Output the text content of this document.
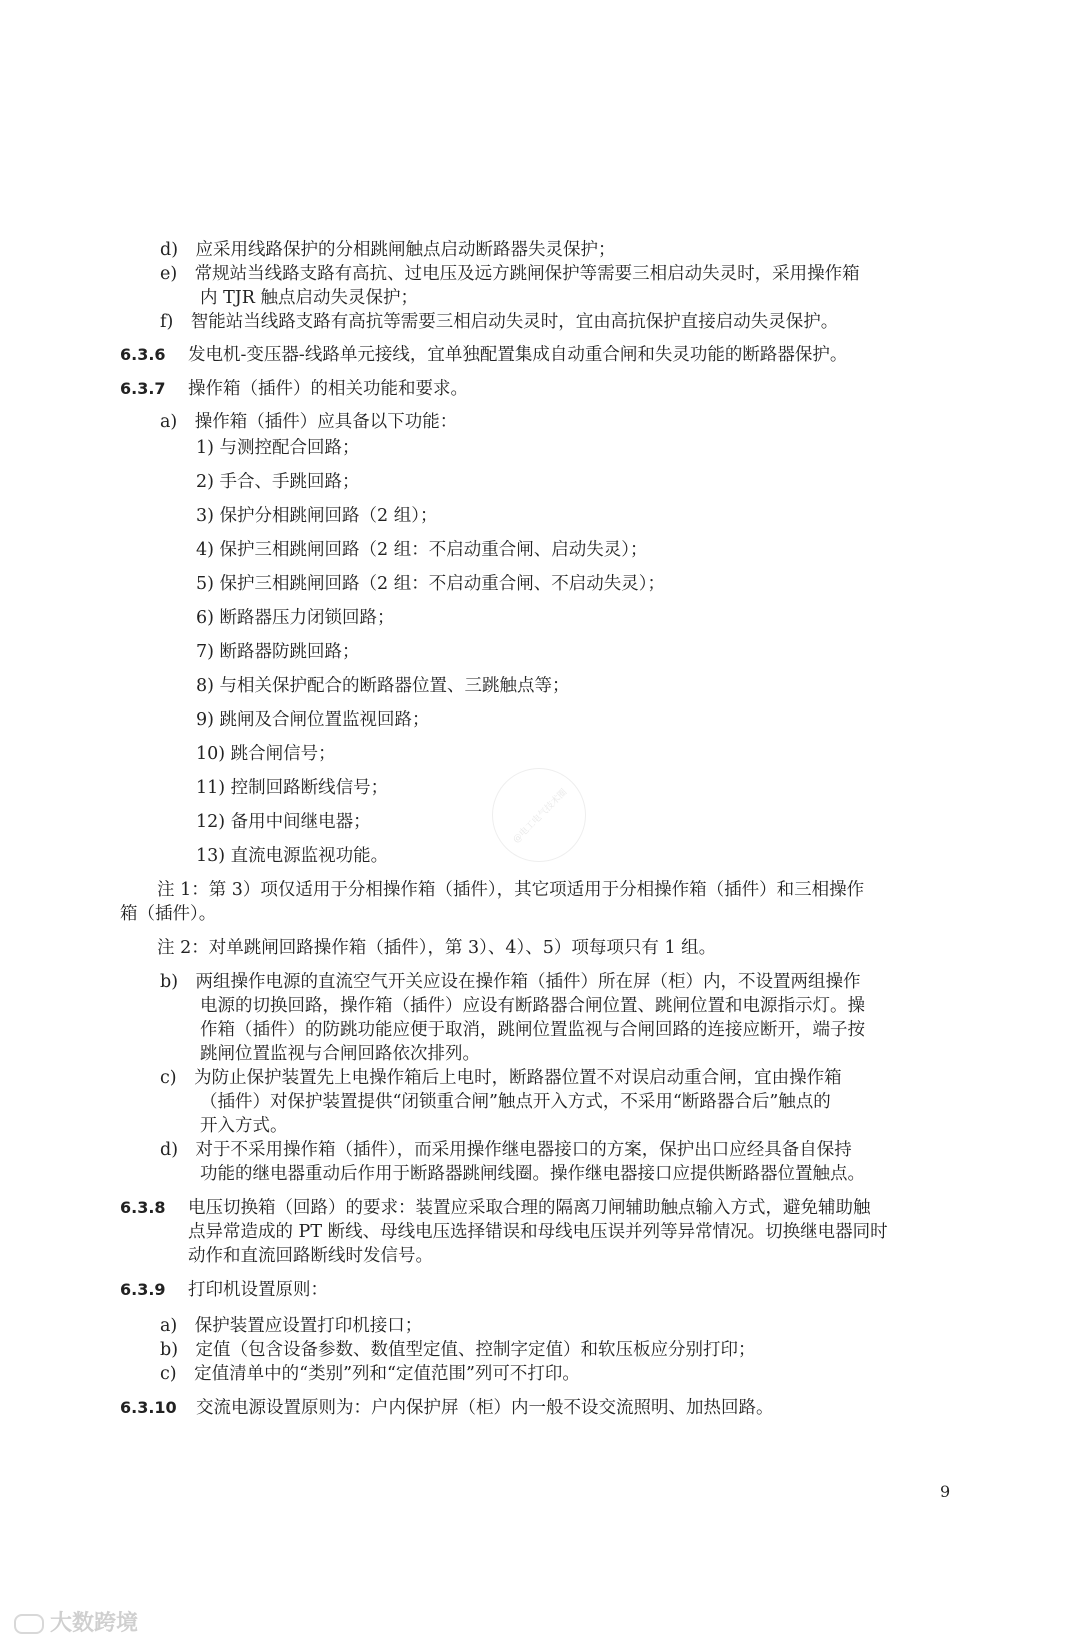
d)　应采用线路保护的分相跳闸触点启动断路器失灵保护；
e)　常规站当线路支路有高抗、过电压及远方跳闸保护等需要三相启动失灵时，采用操作箱
内 TJR 触点启动失灵保护；
f)　智能站当线路支路有高抗等需要三相启动失灵时，宜由高抗保护直接启动失灵保护。
6.3.6 发电机-变压器-线路单元接线，宜单独配置集成自动重合闸和失灵功能的断路器保护。
6.3.7 操作箱（插件）的相关功能和要求。
a)　操作箱（插件）应具备以下功能：
1) 与测控配合回路；
2) 手合、手跳回路；
3) 保护分相跳闸回路（2 组）；
4) 保护三相跳闸回路（2 组：不启动重合闸、启动失灵）；
5) 保护三相跳闸回路（2 组：不启动重合闸、不启动失灵）；
6) 断路器压力闭锁回路；
7) 断路器防跳回路；
8) 与相关保护配合的断路器位置、三跳触点等；
9) 跳闸及合闸位置监视回路；
10) 跳合闸信号；
11) 控制回路断线信号；
12) 备用中间继电器；
13) 直流电源监视功能。
注 1：第 3）项仅适用于分相操作箱（插件），其它项适用于分相操作箱（插件）和三相操作
箱（插件）。
注 2：对单跳闸回路操作箱（插件），第 3）、4）、5）项每项只有 1 组。
b)　两组操作电源的直流空气开关应设在操作箱（插件）所在屏（柜）内，不设置两组操作
电源的切换回路，操作箱（插件）应设有断路器合闸位置、跳闸位置和电源指示灯。操
作箱（插件）的防跳功能应便于取消，跳闸位置监视与合闸回路的连接应断开，端子按
跳闸位置监视与合闸回路依次排列。
c)　为防止保护装置先上电操作箱后上电时，断路器位置不对误启动重合闸，宜由操作箱
（插件）对保护装置提供“闭锁重合闸”触点开入方式，不采用“断路器合后”触点的
开入方式。
d)　对于不采用操作箱（插件），而采用操作继电器接口的方案，保护出口应经具备自保持
功能的继电器重动后作用于断路器跳闸线圈。操作继电器接口应提供断路器位置触点。
6.3.8 电压切换箱（回路）的要求：装置应采取合理的隔离刀闸辅助触点输入方式，避免辅助触
点异常造成的 PT 断线、母线电压选择错误和母线电压误并列等异常情况。切换继电器同时
动作和直流回路断线时发信号。
6.3.9 打印机设置原则：
a)　保护装置应设置打印机接口；
b)　定值（包含设备参数、数值型定值、控制字定值）和软压板应分别打印；
c)　定值清单中的“类别”列和“定值范围”列可不打印。
6.3.10 交流电源设置原则为：户内保护屏（柜）内一般不设交流照明、加热回路。
9
@电工电气技术圈
大数跨境
